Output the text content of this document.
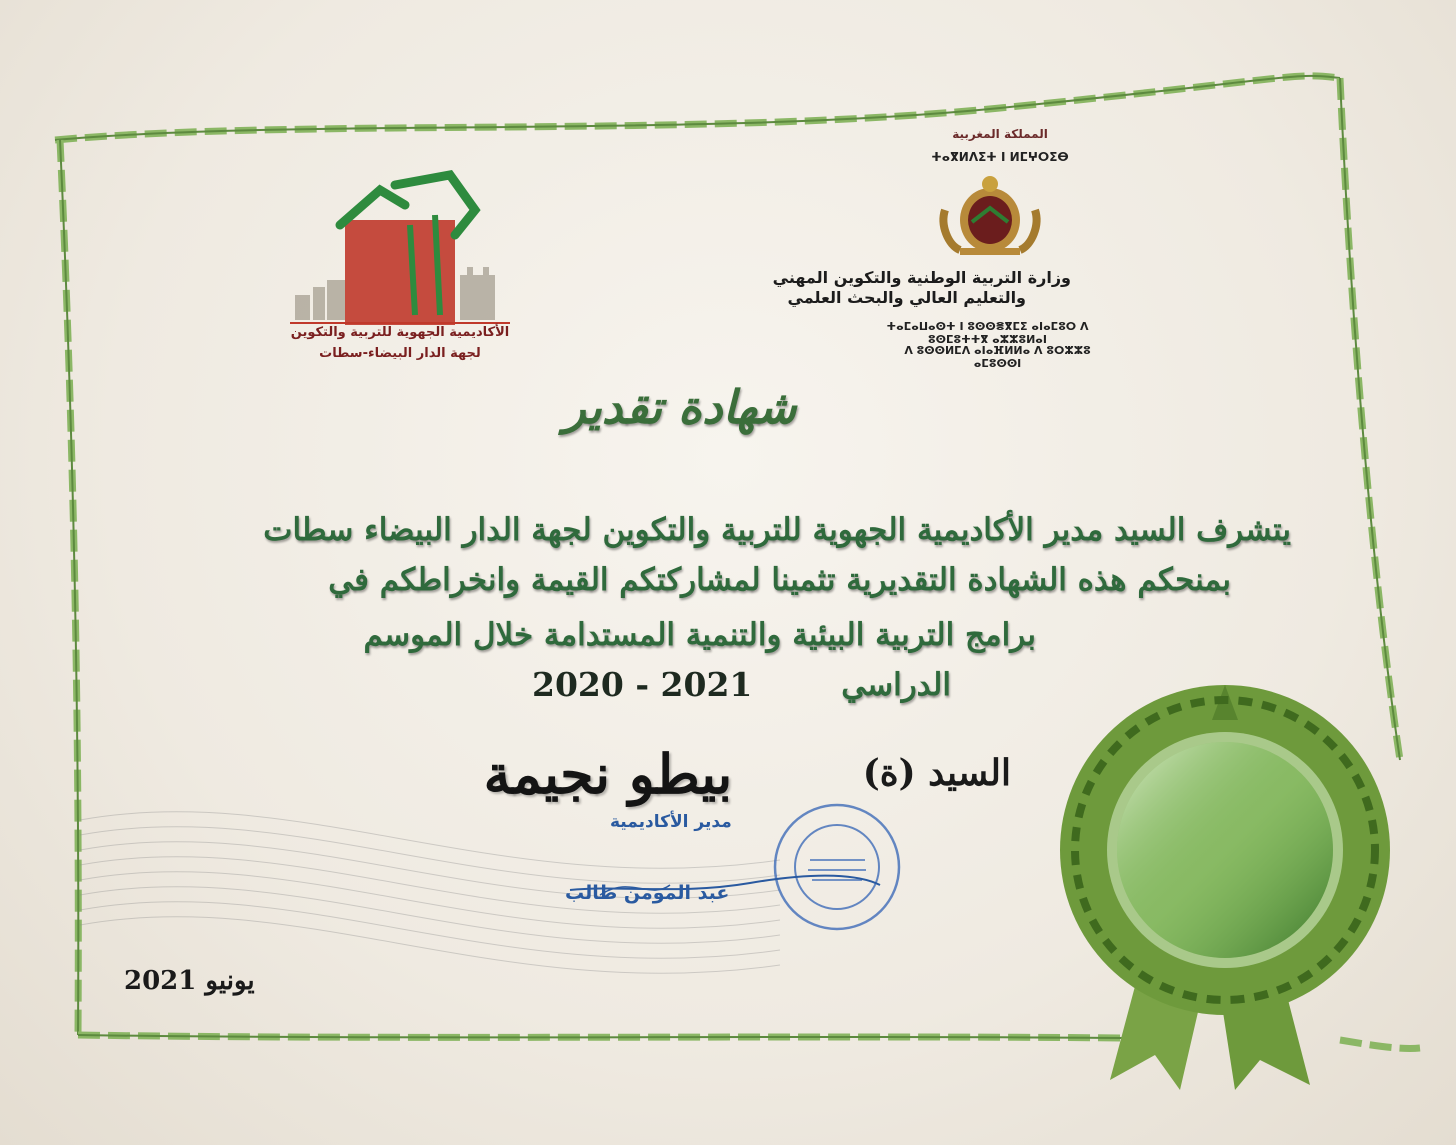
الأكاديمية الجهوية للتربية والتكوين
لجهة الدار البيضاء-سطات
المملكة المغربية
ⵜⴰⴳⵍⴷⵉⵜ ⵏ ⵍⵎⵖⵔⵉⴱ
وزارة التربية الوطنية والتكوين المهني
والتعليم العالي والبحث العلمي
ⵜⴰⵎⴰⵡⴰⵙⵜ ⵏ ⵓⵙⵙⴻⴳⵎⵉ ⴰⵏⴰⵎⵓⵔ ⴷ ⵓⵙⵎⵓⵜⵜⴳ ⴰⵣⵣⵓⵍⴰⵏ
ⴷ ⵓⵙⵙⵍⵎⴷ ⴰⵏⴰⴼⵍⵍⴰ ⴷ ⵓⵔⵣⵣⵓ ⴰⵎⵓⵙⵙⵏ
شهادة تقدير
يتشرف السيد مدير الأكاديمية الجهوية للتربية والتكوين لجهة الدار البيضاء سطات
بمنحكم هذه الشهادة التقديرية تثمينا لمشاركتكم القيمة وانخراطكم في
برامج التربية البيئية والتنمية المستدامة خلال الموسم
الدراسي
2020 - 2021
السيد (ة)
بيطو نجيمة
مدير الأكاديمية
عبد المومن طالب
يونيو 2021
